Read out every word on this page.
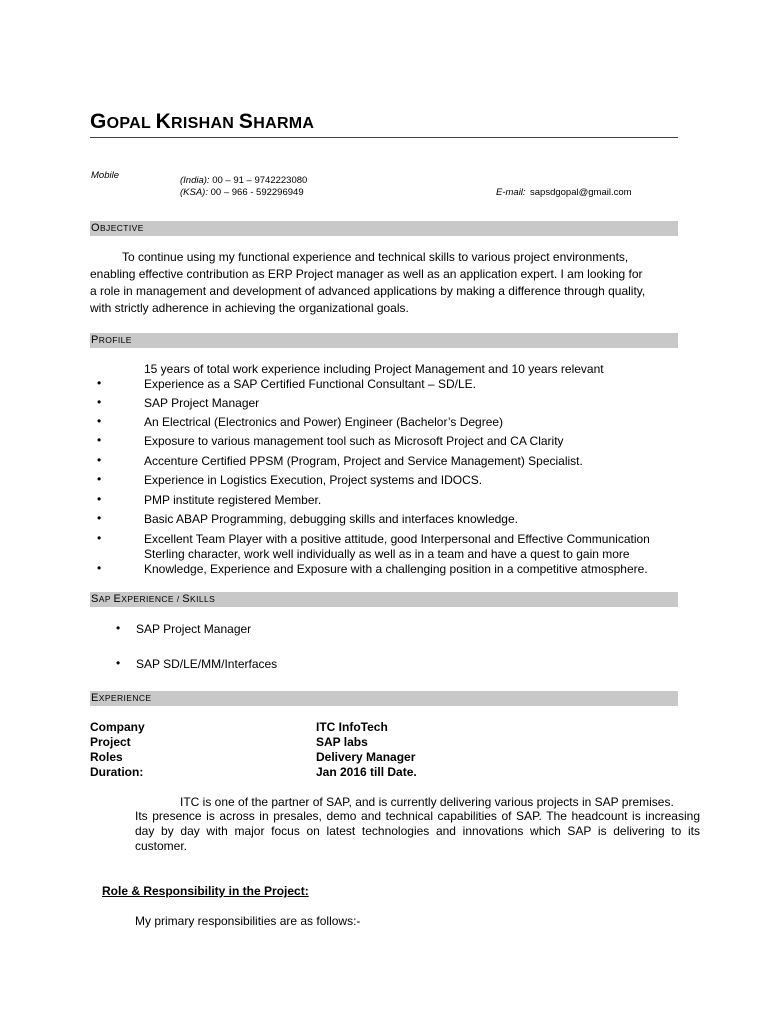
GOPAL KRISHAN SHARMA
Mobile	(India): 00 – 91 – 9742223080
(KSA): 00 – 966 - 592296949	E-mail: sapsdgopal@gmail.com
OBJECTIVE
To continue using my functional experience and technical skills to various project environments,
enabling effective contribution as ERP Project manager as well as an application expert. I am looking for
a role in management and development of advanced applications by making a difference through quality,
with strictly adherence in achieving the organizational goals.
PROFILE
15 years of total work experience including Project Management and 10 years relevant
•	Experience as a SAP Certified Functional Consultant – SD/LE.
•	SAP Project Manager
•	An Electrical (Electronics and Power) Engineer (Bachelor’s Degree)
•	Exposure to various management tool such as Microsoft Project and CA Clarity
•	Accenture Certified PPSM (Program, Project and Service Management) Specialist.
•	Experience in Logistics Execution, Project systems and IDOCS.
•	PMP institute registered Member.
•	Basic ABAP Programming, debugging skills and interfaces knowledge.
•	Excellent Team Player with a positive attitude, good Interpersonal and Effective Communication
Sterling character, work well individually as well as in a team and have a quest to gain more
•	Knowledge, Experience and Exposure with a challenging position in a competitive atmosphere.
SAP EXPERIENCE / SKILLS
• SAP Project Manager
• SAP SD/LE/MM/Interfaces
EXPERIENCE
Company	ITC InfoTech
Project	SAP labs
Roles	Delivery Manager
Duration:	Jan 2016 till Date.
ITC is one of the partner of SAP, and is currently delivering various projects in SAP premises.
Its presence is across in presales, demo and technical capabilities of SAP. The headcount is increasing day by day with major focus on latest technologies and innovations which SAP is delivering to its customer.
Role & Responsibility in the Project:
My primary responsibilities are as follows:-
